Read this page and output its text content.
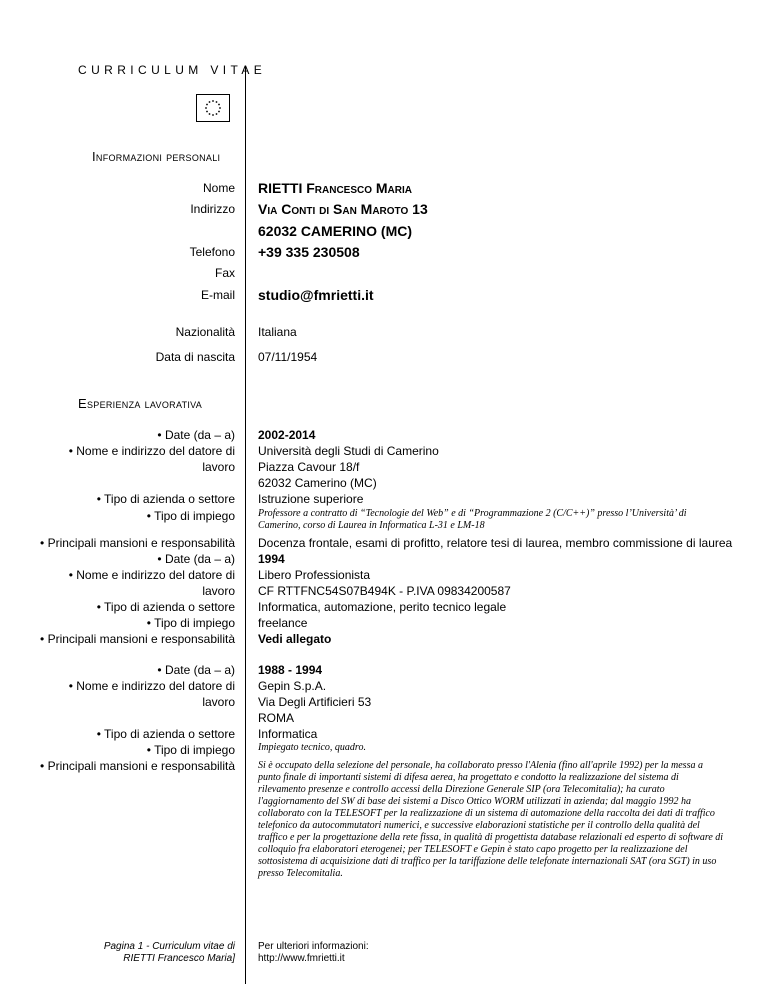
CURRICULUM VITAE
Informazioni personali
Nome
Indirizzo
Telefono
Fax
E-mail
Nazionalità
Data di nascita
RIETTI Francesco Maria
Via Conti di San Maroto 13
62032 CAMERINO (MC)
+39 335 230508
studio@fmrietti.it
Italiana
07/11/1954
Esperienza lavorativa
• Date (da – a)
• Nome e indirizzo del datore di
lavoro
• Tipo di azienda o settore
• Tipo di impiego
• Principali mansioni e responsabilità
2002-2014
Università degli Studi di Camerino
Piazza Cavour 18/f
62032 Camerino (MC)
Istruzione superiore
Professore a contratto di “Tecnologie del Web” e di “Programmazione 2 (C/C++)” presso l’Università’ di Camerino, corso di Laurea in Informatica L-31 e LM-18
Docenza frontale, esami di profitto, relatore tesi di laurea, membro commissione di laurea
• Date (da – a)
• Nome e indirizzo del datore di
lavoro
• Tipo di azienda o settore
• Tipo di impiego
• Principali mansioni e responsabilità
1994
Libero Professionista
CF RTTFNC54S07B494K - P.IVA 09834200587
Informatica, automazione, perito tecnico legale
freelance
Vedi allegato
• Date (da – a)
• Nome e indirizzo del datore di
lavoro
• Tipo di azienda o settore
• Tipo di impiego
• Principali mansioni e responsabilità
1988 - 1994
Gepin S.p.A.
Via Degli Artificieri 53
ROMA
Informatica
Impiegato tecnico, quadro.
Si è occupato della selezione del personale, ha collaborato presso l'Alenia (fino all'aprile 1992) per la messa a punto finale di importanti sistemi di difesa aerea, ha progettato e condotto la realizzazione del sistema di rilevamento presenze e controllo accessi della Direzione Generale SIP (ora Telecomitalia); ha curato l'aggiornamento del SW di base dei sistemi a Disco Ottico WORM utilizzati in azienda; dal maggio 1992 ha collaborato con la TELESOFT per la realizzazione di un sistema di automazione della raccolta dei dati di traffico telefonico da autocommutatori numerici, e successive elaborazioni statistiche per il controllo della qualità del traffico e per la progettazione della rete fissa, in qualità di progettista database relazionali ed esperto di software di colloquio fra elaboratori eterogenei; per TELESOFT e Gepin è stato capo progetto per la realizzazione del sottosistema di acquisizione dati di traffico per la tariffazione delle telefonate internazionali SAT (ora SGT) in uso presso Telecomitalia.
Pagina 1 - Curriculum vitae di
RIETTI Francesco Maria]
Per ulteriori informazioni:
http://www.fmrietti.it
